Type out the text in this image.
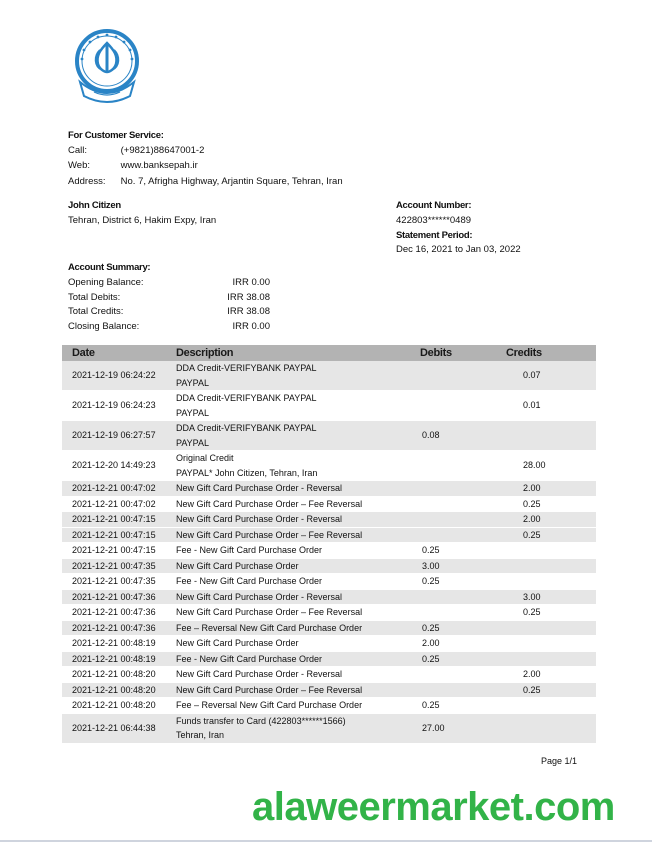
For Customer Service:
Call:	(+9821)88647001-2
Web:	www.banksepah.ir
Address: No. 7, Afrigha Highway, Arjantin Square, Tehran, Iran
John Citizen
Tehran, District 6, Hakim Expy, Iran
Account Number:
422803******0489
Statement Period:
Dec 16, 2021 to Jan 03, 2022
Account Summary:
Opening Balance:	IRR 0.00
Total Debits:	IRR 38.08
Total Credits:	IRR 38.08
Closing Balance:	IRR 0.00
Date	Description	Debits	Credits
2021-12-19 06:24:22	DDA Credit-VERIFYBANK PAYPAL
PAYPAL		0.07
2021-12-19 06:24:23	DDA Credit-VERIFYBANK PAYPAL
PAYPAL		0.01
2021-12-19 06:27:57	DDA Credit-VERIFYBANK PAYPAL
PAYPAL	0.08	
2021-12-20 14:49:23	Original Credit
PAYPAL* John Citizen, Tehran, Iran		28.00
2021-12-21 00:47:02	New Gift Card Purchase Order - Reversal		2.00
2021-12-21 00:47:02	New Gift Card Purchase Order – Fee Reversal		0.25
2021-12-21 00:47:15	New Gift Card Purchase Order - Reversal		2.00
2021-12-21 00:47:15	New Gift Card Purchase Order – Fee Reversal		0.25
2021-12-21 00:47:15	Fee - New Gift Card Purchase Order	0.25	
2021-12-21 00:47:35	New Gift Card Purchase Order	3.00	
2021-12-21 00:47:35	Fee - New Gift Card Purchase Order	0.25	
2021-12-21 00:47:36	New Gift Card Purchase Order - Reversal		3.00
2021-12-21 00:47:36	New Gift Card Purchase Order – Fee Reversal		0.25
2021-12-21 00:47:36	Fee – Reversal New Gift Card Purchase Order	0.25	
2021-12-21 00:48:19	New Gift Card Purchase Order	2.00	
2021-12-21 00:48:19	Fee - New Gift Card Purchase Order	0.25	
2021-12-21 00:48:20	New Gift Card Purchase Order - Reversal		2.00
2021-12-21 00:48:20	New Gift Card Purchase Order – Fee Reversal		0.25
2021-12-21 00:48:20	Fee – Reversal New Gift Card Purchase Order	0.25	
2021-12-21 06:44:38	Funds transfer to Card (422803******1566)
Tehran, Iran	27.00	
Page 1/1
alaweermarket.com
